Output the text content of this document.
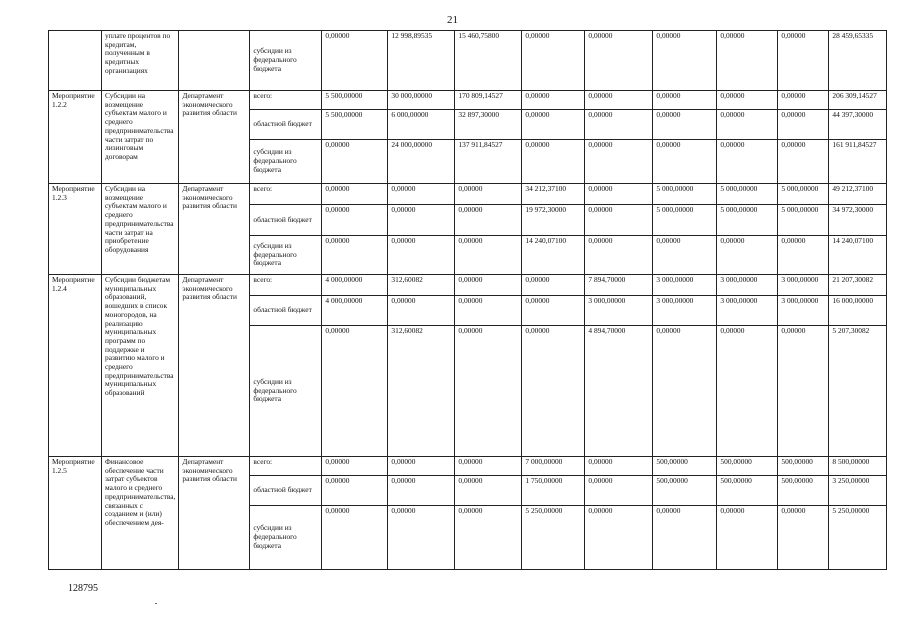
21
	уплате процентов по кредитам, полученным в кредитных организациях		субсидии из федерального бюджета	0,00000	12 998,89535	15 460,75800	0,00000	0,00000	0,00000	0,00000	0,00000	28 459,65335
Мероприятие 1.2.2	Субсидии на возмещение субъектам малого и среднего предпринимательства части затрат по лизинговым договорам	Департамент экономического развития области	всего:	5 500,00000	30 000,00000	170 809,14527	0,00000	0,00000	0,00000	0,00000	0,00000	206 309,14527
			областной бюджет	5 500,00000	6 000,00000	32 897,30000	0,00000	0,00000	0,00000	0,00000	0,00000	44 397,30000
			субсидии из федерального бюджета	0,00000	24 000,00000	137 911,84527	0,00000	0,00000	0,00000	0,00000	0,00000	161 911,84527
Мероприятие 1.2.3	Субсидии на возмещение субъектам малого и среднего предпринимательства части затрат на приобретение оборудования	Департамент экономического развития области	всего:	0,00000	0,00000	0,00000	34 212,37100	0,00000	5 000,00000	5 000,00000	5 000,00000	49 212,37100
			областной бюджет	0,00000	0,00000	0,00000	19 972,30000	0,00000	5 000,00000	5 000,00000	5 000,00000	34 972,30000
			субсидии из федерального бюджета	0,00000	0,00000	0,00000	14 240,07100	0,00000	0,00000	0,00000	0,00000	14 240,07100
Мероприятие 1.2.4	Субсидии бюджетам муниципальных образований, вошедших в список моногородов, на реализацию муниципальных программ по поддержке и развитию малого и среднего предпринимательства муниципальных образований	Департамент экономического развития области	всего:	4 000,00000	312,60082	0,00000	0,00000	7 894,70000	3 000,00000	3 000,00000	3 000,00000	21 207,30082
			областной бюджет	4 000,00000	0,00000	0,00000	0,00000	3 000,00000	3 000,00000	3 000,00000	3 000,00000	16 000,00000
			субсидии из федерального бюджета	0,00000	312,60082	0,00000	0,00000	4 894,70000	0,00000	0,00000	0,00000	5 207,30082
Мероприятие 1.2.5	Финансовое обеспечение части затрат субъектов малого и среднего предпринимательства, связанных с созданием и (или) обеспечением дея-	Департамент экономического развития области	всего:	0,00000	0,00000	0,00000	7 000,00000	0,00000	500,00000	500,00000	500,00000	8 500,00000
			областной бюджет	0,00000	0,00000	0,00000	1 750,00000	0,00000	500,00000	500,00000	500,00000	3 250,00000
			субсидии из федерального бюджета	0,00000	0,00000	0,00000	5 250,00000	0,00000	0,00000	0,00000	0,00000	5 250,00000
128795
